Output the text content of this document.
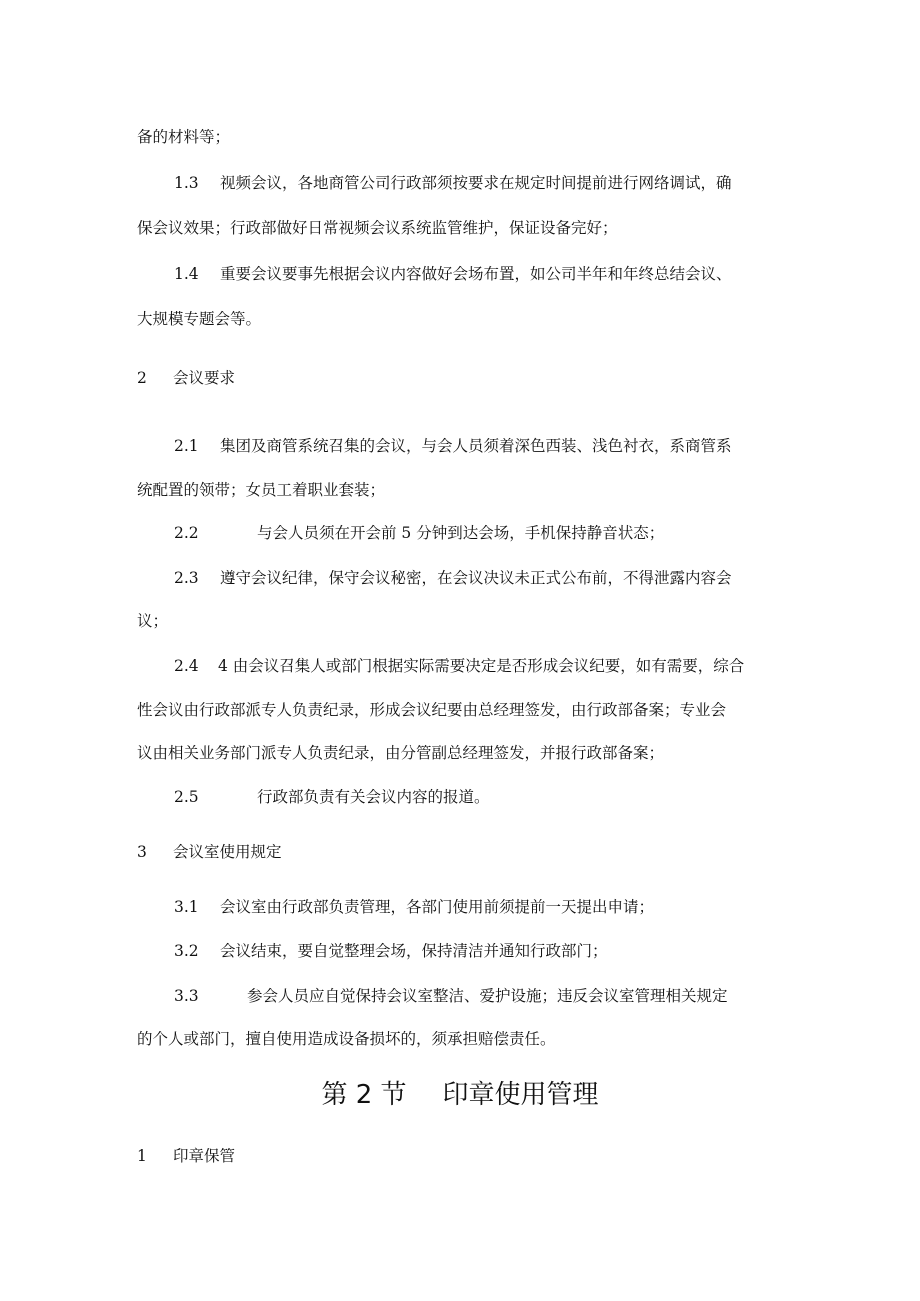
备的材料等；
1.3 视频会议，各地商管公司行政部须按要求在规定时间提前进行网络调试，确
保会议效果；行政部做好日常视频会议系统监管维护，保证设备完好；
1.4 重要会议要事先根据会议内容做好会场布置，如公司半年和年终总结会议、
大规模专题会等。
2 会议要求
2.1 集团及商管系统召集的会议，与会人员须着深色西装、浅色衬衣，系商管系
统配置的领带；女员工着职业套装；
2.2	与会人员须在开会前 5 分钟到达会场，手机保持静音状态；
2.3 遵守会议纪律，保守会议秘密，在会议决议未正式公布前，不得泄露内容会
议；
2.4 4 由会议召集人或部门根据实际需要决定是否形成会议纪要，如有需要，综合
性会议由行政部派专人负责纪录，形成会议纪要由总经理签发，由行政部备案；专业会
议由相关业务部门派专人负责纪录，由分管副总经理签发，并报行政部备案；
2.5	行政部负责有关会议内容的报道。
3 会议室使用规定
3.1 会议室由行政部负责管理，各部门使用前须提前一天提出申请；
3.2 会议结束，要自觉整理会场，保持清洁并通知行政部门；
3.3	参会人员应自觉保持会议室整洁、爱护设施；违反会议室管理相关规定
的个人或部门，擅自使用造成设备损坏的，须承担赔偿责任。
第 2 节 印章使用管理
1 印章保管
